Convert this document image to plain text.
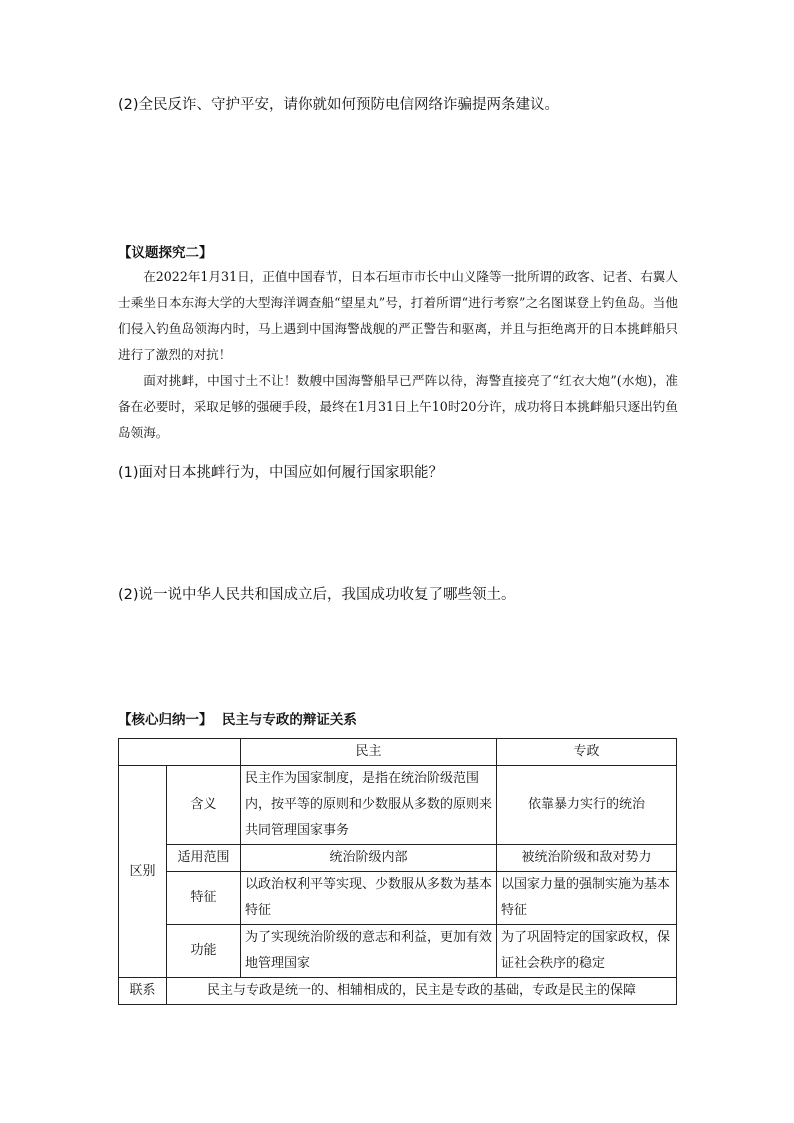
(2)全民反诈、守护平安，请你就如何预防电信网络诈骗提两条建议。
【议题探究二】

在2022年1月31日，正值中国春节，日本石垣市市长中山义隆等一批所谓的政客、记者、右翼人士乘坐日本东海大学的大型海洋调查船“望星丸”号，打着所谓“进行考察”之名图谋登上钓鱼岛。当他们侵入钓鱼岛领海内时，马上遇到中国海警战舰的严正警告和驱离，并且与拒绝离开的日本挑衅船只进行了激烈的对抗！

面对挑衅，中国寸土不让！数艘中国海警船早已严阵以待，海警直接亮了“红衣大炮”(水炮)，准备在必要时，采取足够的强硬手段，最终在1月31日上午10时20分许，成功将日本挑衅船只逐出钓鱼岛领海。

(1)面对日本挑衅行为，中国应如何履行国家职能？
(2)说一说中华人民共和国成立后，我国成功收复了哪些领土。
【核心归纳一】  民主与专政的辩证关系
		民主	专政
区别	含义	民主作为国家制度，是指在统治阶级范围内，按平等的原则和少数服从多数的原则来共同管理国家事务	依靠暴力实行的统治
	适用范围	统治阶级内部	被统治阶级和敌对势力
	特征	以政治权利平等实现、少数服从多数为基本特征	以国家力量的强制实施为基本特征
	功能	为了实现统治阶级的意志和利益，更加有效地管理国家	为了巩固特定的国家政权，保证社会秩序的稳定
联系	民主与专政是统一的、相辅相成的，民主是专政的基础，专政是民主的保障		
